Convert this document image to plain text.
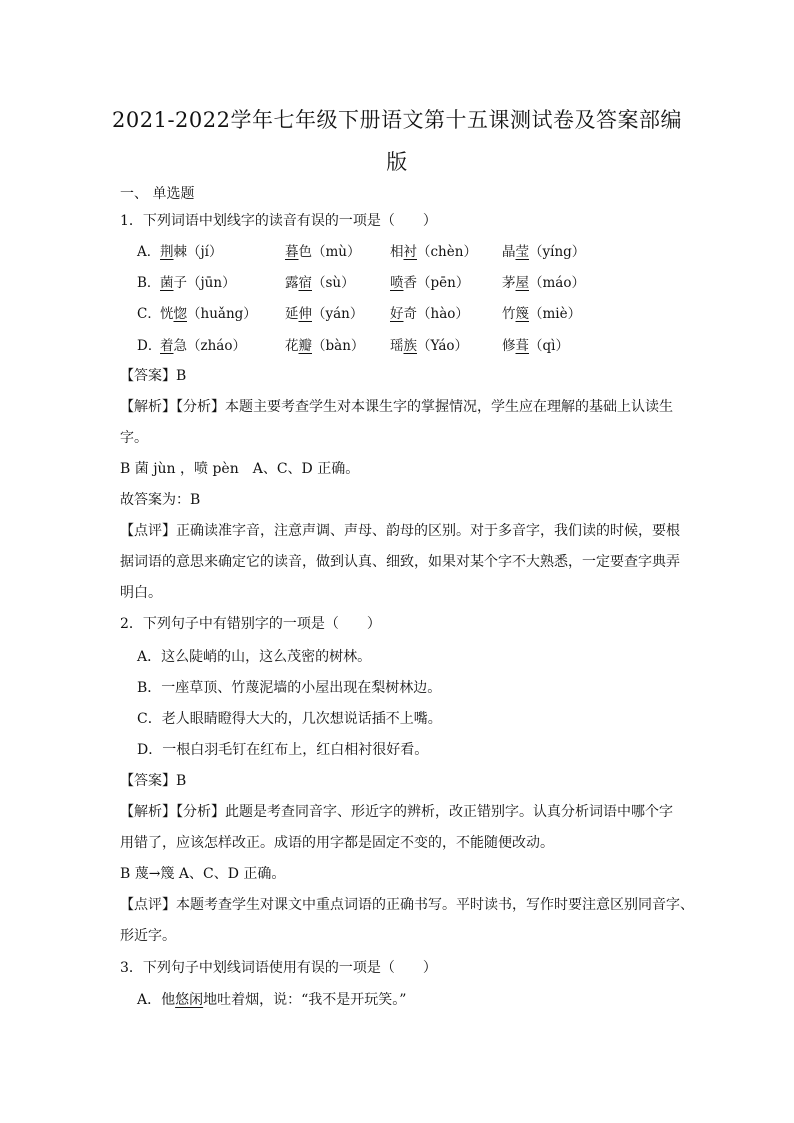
2021-2022学年七年级下册语文第十五课测试卷及答案部编
版
一、 单选题
1．下列词语中划线字的读音有误的一项是（　　）
A． 荆棘（jí）	暮色（mù） 相衬（chèn） 晶莹（yíng）
B． 菌子（jūn）	露宿（sù）	喷香（pēn） 茅屋（máo）
C． 恍惚（huǎng） 延伸（yán） 好奇（hào） 竹篾（miè）
D．
着急（zháo）	花瓣（bàn） 瑶族（Yáo）	修葺（qì）
【答案】B
【解析】【分析】本题主要考查学生对本课生字的掌握情况，学生应在理解的基础上认读生
字。
B 菌 jùn ，喷 pèn　A、C、D 正确。
故答案为：B
【点评】正确读准字音，注意声调、声母、韵母的区别。对于多音字，我们读的时候，要根
据词语的意思来确定它的读音，做到认真、细致，如果对某个字不大熟悉，一定要查字典弄
明白。
2．下列句子中有错别字的一项是（　　）
A．这么陡峭的山，这么茂密的树林。
B．一座草顶、竹蔑泥墙的小屋出现在梨树林边。
C．老人眼睛瞪得大大的，几次想说话插不上嘴。
D．一根白羽毛钉在红布上，红白相衬很好看。
【答案】B
【解析】【分析】此题是考查同音字、形近字的辨析，改正错别字。认真分析词语中哪个字
用错了，应该怎样改正。成语的用字都是固定不变的，不能随便改动。
B 蔑→篾 A、C、D 正确。
【点评】本题考查学生对课文中重点词语的正确书写。平时读书，写作时要注意区别同音字、
形近字。
3．下列句子中划线词语使用有误的一项是（　　）
A．他悠闲地吐着烟，说：“我不是开玩笑。”
